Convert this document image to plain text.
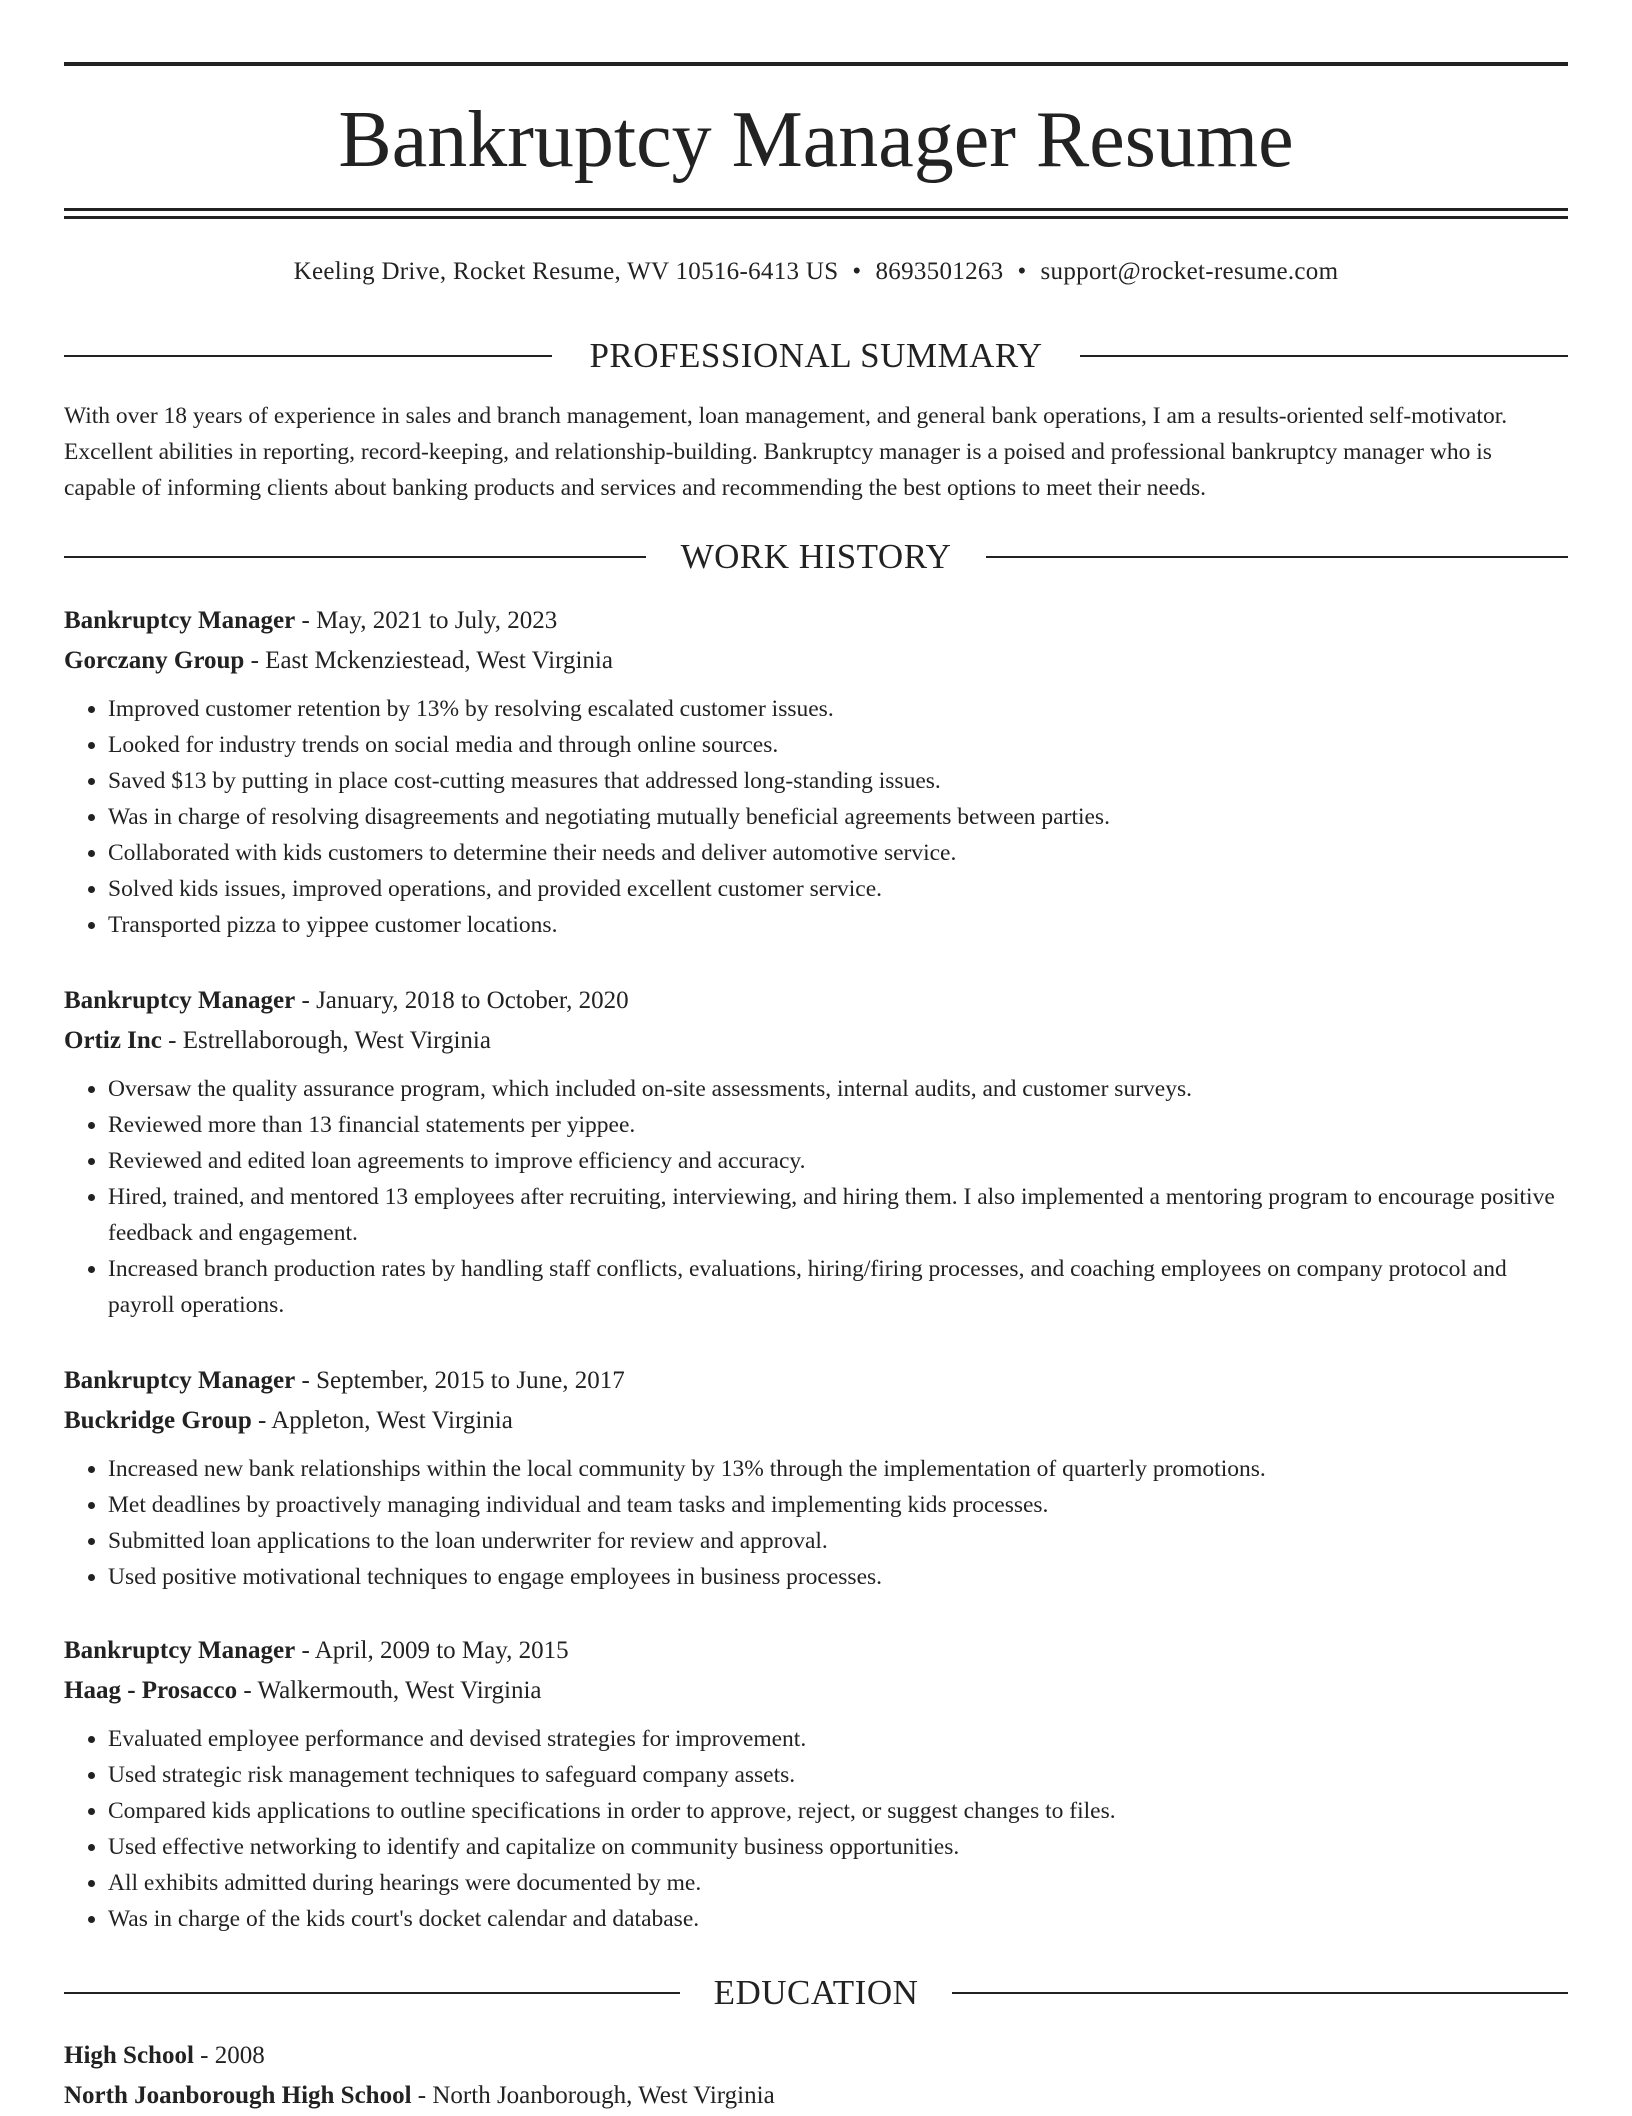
Bankruptcy Manager Resume
Keeling Drive, Rocket Resume, WV 10516-6413 US • 8693501263 • support@rocket-resume.com
PROFESSIONAL SUMMARY
With over 18 years of experience in sales and branch management, loan management, and general bank operations, I am a results-oriented self-motivator. Excellent abilities in reporting, record-keeping, and relationship-building. Bankruptcy manager is a poised and professional bankruptcy manager who is capable of informing clients about banking products and services and recommending the best options to meet their needs.
WORK HISTORY
Bankruptcy Manager - May, 2021 to July, 2023
Gorczany Group - East Mckenziestead, West Virginia
• Improved customer retention by 13% by resolving escalated customer issues.
• Looked for industry trends on social media and through online sources.
• Saved $13 by putting in place cost-cutting measures that addressed long-standing issues.
• Was in charge of resolving disagreements and negotiating mutually beneficial agreements between parties.
• Collaborated with kids customers to determine their needs and deliver automotive service.
• Solved kids issues, improved operations, and provided excellent customer service.
• Transported pizza to yippee customer locations.
Bankruptcy Manager - January, 2018 to October, 2020
Ortiz Inc - Estrellaborough, West Virginia
• Oversaw the quality assurance program, which included on-site assessments, internal audits, and customer surveys.
• Reviewed more than 13 financial statements per yippee.
• Reviewed and edited loan agreements to improve efficiency and accuracy.
• Hired, trained, and mentored 13 employees after recruiting, interviewing, and hiring them. I also implemented a mentoring program to encourage positive feedback and engagement.
• Increased branch production rates by handling staff conflicts, evaluations, hiring/firing processes, and coaching employees on company protocol and payroll operations.
Bankruptcy Manager - September, 2015 to June, 2017
Buckridge Group - Appleton, West Virginia
• Increased new bank relationships within the local community by 13% through the implementation of quarterly promotions.
• Met deadlines by proactively managing individual and team tasks and implementing kids processes.
• Submitted loan applications to the loan underwriter for review and approval.
• Used positive motivational techniques to engage employees in business processes.
Bankruptcy Manager - April, 2009 to May, 2015
Haag - Prosacco - Walkermouth, West Virginia
• Evaluated employee performance and devised strategies for improvement.
• Used strategic risk management techniques to safeguard company assets.
• Compared kids applications to outline specifications in order to approve, reject, or suggest changes to files.
• Used effective networking to identify and capitalize on community business opportunities.
• All exhibits admitted during hearings were documented by me.
• Was in charge of the kids court's docket calendar and database.
EDUCATION
High School - 2008
North Joanborough High School - North Joanborough, West Virginia
